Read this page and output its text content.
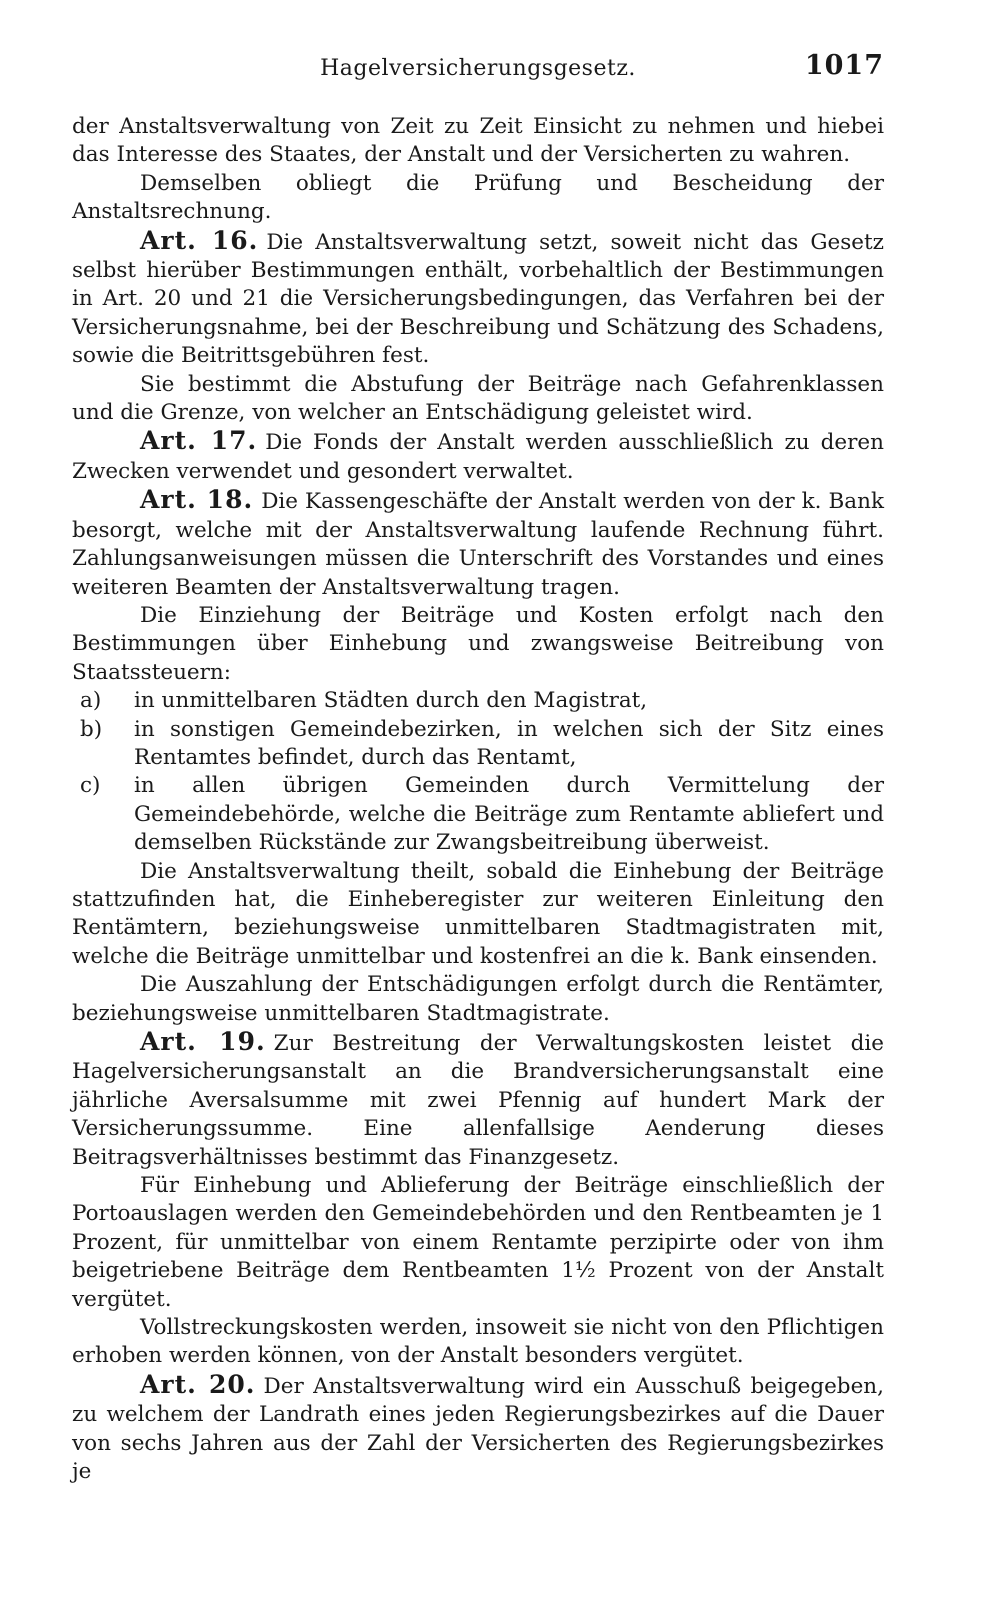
Hagelversicherungsgesetz.	1017

der Anstaltsverwaltung von Zeit zu Zeit Einsicht zu nehmen und hiebei das Interesse des Staates, der Anstalt und der Versicherten zu wahren.

Demselben obliegt die Prüfung und Bescheidung der Anstaltsrechnung.

Art. 16. Die Anstaltsverwaltung setzt, soweit nicht das Gesetz selbst hierüber Bestimmungen enthält, vorbehaltlich der Bestimmungen in Art. 20 und 21 die Versicherungsbedingungen, das Verfahren bei der Versicherungsnahme, bei der Beschreibung und Schätzung des Schadens, sowie die Beitrittsgebühren fest.

Sie bestimmt die Abstufung der Beiträge nach Gefahrenklassen und die Grenze, von welcher an Entschädigung geleistet wird.

Art. 17. Die Fonds der Anstalt werden ausschließlich zu deren Zwecken verwendet und gesondert verwaltet.

Art. 18. Die Kassengeschäfte der Anstalt werden von der k. Bank besorgt, welche mit der Anstaltsverwaltung laufende Rechnung führt. Zahlungsanweisungen müssen die Unterschrift des Vorstandes und eines weiteren Beamten der Anstaltsverwaltung tragen.

Die Einziehung der Beiträge und Kosten erfolgt nach den Bestimmungen über Einhebung und zwangsweise Beitreibung von Staatssteuern:

a) in unmittelbaren Städten durch den Magistrat,
b) in sonstigen Gemeindebezirken, in welchen sich der Sitz eines Rentamtes befindet, durch das Rentamt,
c) in allen übrigen Gemeinden durch Vermittelung der Gemeindebehörde, welche die Beiträge zum Rentamte abliefert und demselben Rückstände zur Zwangsbeitreibung überweist.

Die Anstaltsverwaltung theilt, sobald die Einhebung der Beiträge stattzufinden hat, die Einheberegister zur weiteren Einleitung den Rentämtern, beziehungsweise unmittelbaren Stadtmagistraten mit, welche die Beiträge unmittelbar und kostenfrei an die k. Bank einsenden.

Die Auszahlung der Entschädigungen erfolgt durch die Rentämter, beziehungsweise unmittelbaren Stadtmagistrate.

Art. 19. Zur Bestreitung der Verwaltungskosten leistet die Hagelversicherungsanstalt an die Brandversicherungsanstalt eine jährliche Aversalsumme mit zwei Pfennig auf hundert Mark der Versicherungssumme. Eine allenfallsige Aenderung dieses Beitragsverhältnisses bestimmt das Finanzgesetz.

Für Einhebung und Ablieferung der Beiträge einschließlich der Portoauslagen werden den Gemeindebehörden und den Rentbeamten je 1 Prozent, für unmittelbar von einem Rentamte perzipirte oder von ihm beigetriebene Beiträge dem Rentbeamten 1½ Prozent von der Anstalt vergütet.

Vollstreckungskosten werden, insoweit sie nicht von den Pflichtigen erhoben werden können, von der Anstalt besonders vergütet.

Art. 20. Der Anstaltsverwaltung wird ein Ausschuß beigegeben, zu welchem der Landrath eines jeden Regierungsbezirkes auf die Dauer von sechs Jahren aus der Zahl der Versicherten des Regierungsbezirkes je
